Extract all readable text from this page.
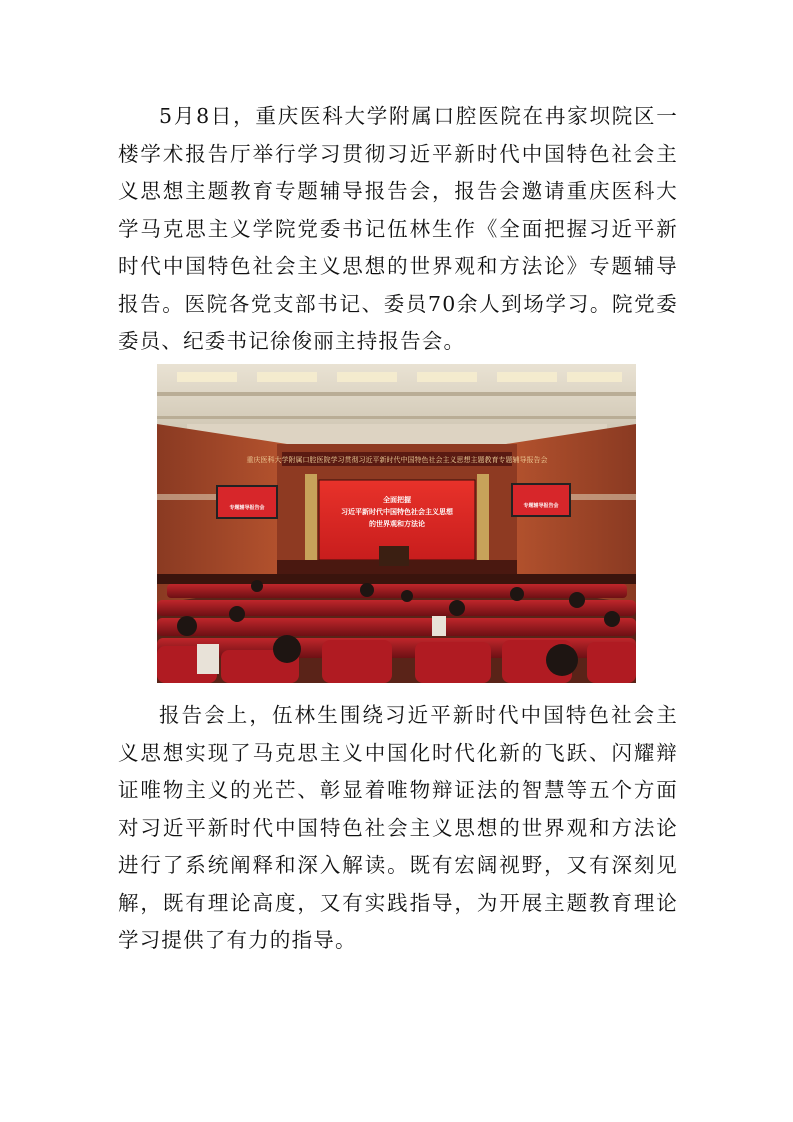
5月8日，重庆医科大学附属口腔医院在冉家坝院区一楼学术报告厅举行学习贯彻习近平新时代中国特色社会主义思想主题教育专题辅导报告会，报告会邀请重庆医科大学马克思主义学院党委书记伍林生作《全面把握习近平新时代中国特色社会主义思想的世界观和方法论》专题辅导报告。医院各党支部书记、委员70余人到场学习。院党委委员、纪委书记徐俊丽主持报告会。

重庆医科大学附属口腔医院学习贯彻习近平新时代中国特色社会主义思想主题教育专题辅导报告会
全面把握
习近平新时代中国特色社会主义思想
的世界观和方法论
专题辅导报告会	专题辅导报告会

报告会上，伍林生围绕习近平新时代中国特色社会主义思想实现了马克思主义中国化时代化新的飞跃、闪耀辩证唯物主义的光芒、彰显着唯物辩证法的智慧等五个方面对习近平新时代中国特色社会主义思想的世界观和方法论进行了系统阐释和深入解读。既有宏阔视野，又有深刻见解，既有理论高度，又有实践指导，为开展主题教育理论学习提供了有力的指导。
